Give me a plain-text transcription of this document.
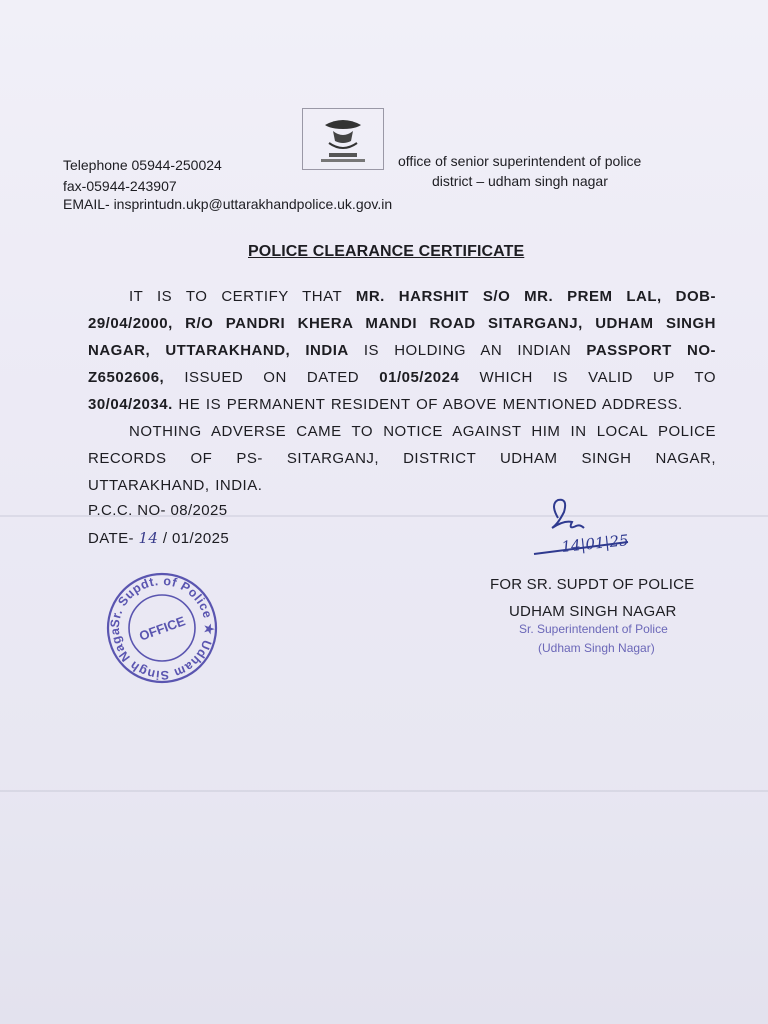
Telephone 05944-250024
fax-05944-243907
EMAIL- insprintudn.ukp@uttarakhandpolice.uk.gov.in
office of senior superintendent of police
district – udham singh nagar
POLICE CLEARANCE CERTIFICATE
IT IS TO CERTIFY THAT MR. HARSHIT S/O MR. PREM LAL, DOB-
29/04/2000, R/O PANDRI KHERA MANDI ROAD SITARGANJ, UDHAM SINGH
NAGAR, UTTARAKHAND, INDIA IS HOLDING AN INDIAN PASSPORT NO-
Z6502606, ISSUED ON DATED 01/05/2024 WHICH IS VALID UP TO
30/04/2034. HE IS PERMANENT RESIDENT OF ABOVE MENTIONED ADDRESS.
NOTHING ADVERSE CAME TO NOTICE AGAINST HIM IN LOCAL POLICE
RECORDS OF PS- SITARGANJ, DISTRICT UDHAM SINGH NAGAR,
UTTARAKHAND, INDIA.
P.C.C. NO- 08/2025
DATE- 14 / 01/2025
Sr. Supdt. of Police ★ Udham Singh Naga	OFFICE
14|01|25
FOR SR. SUPDT OF POLICE
UDHAM SINGH NAGAR
Sr. Superintendent of Police
(Udham Singh Nagar)
